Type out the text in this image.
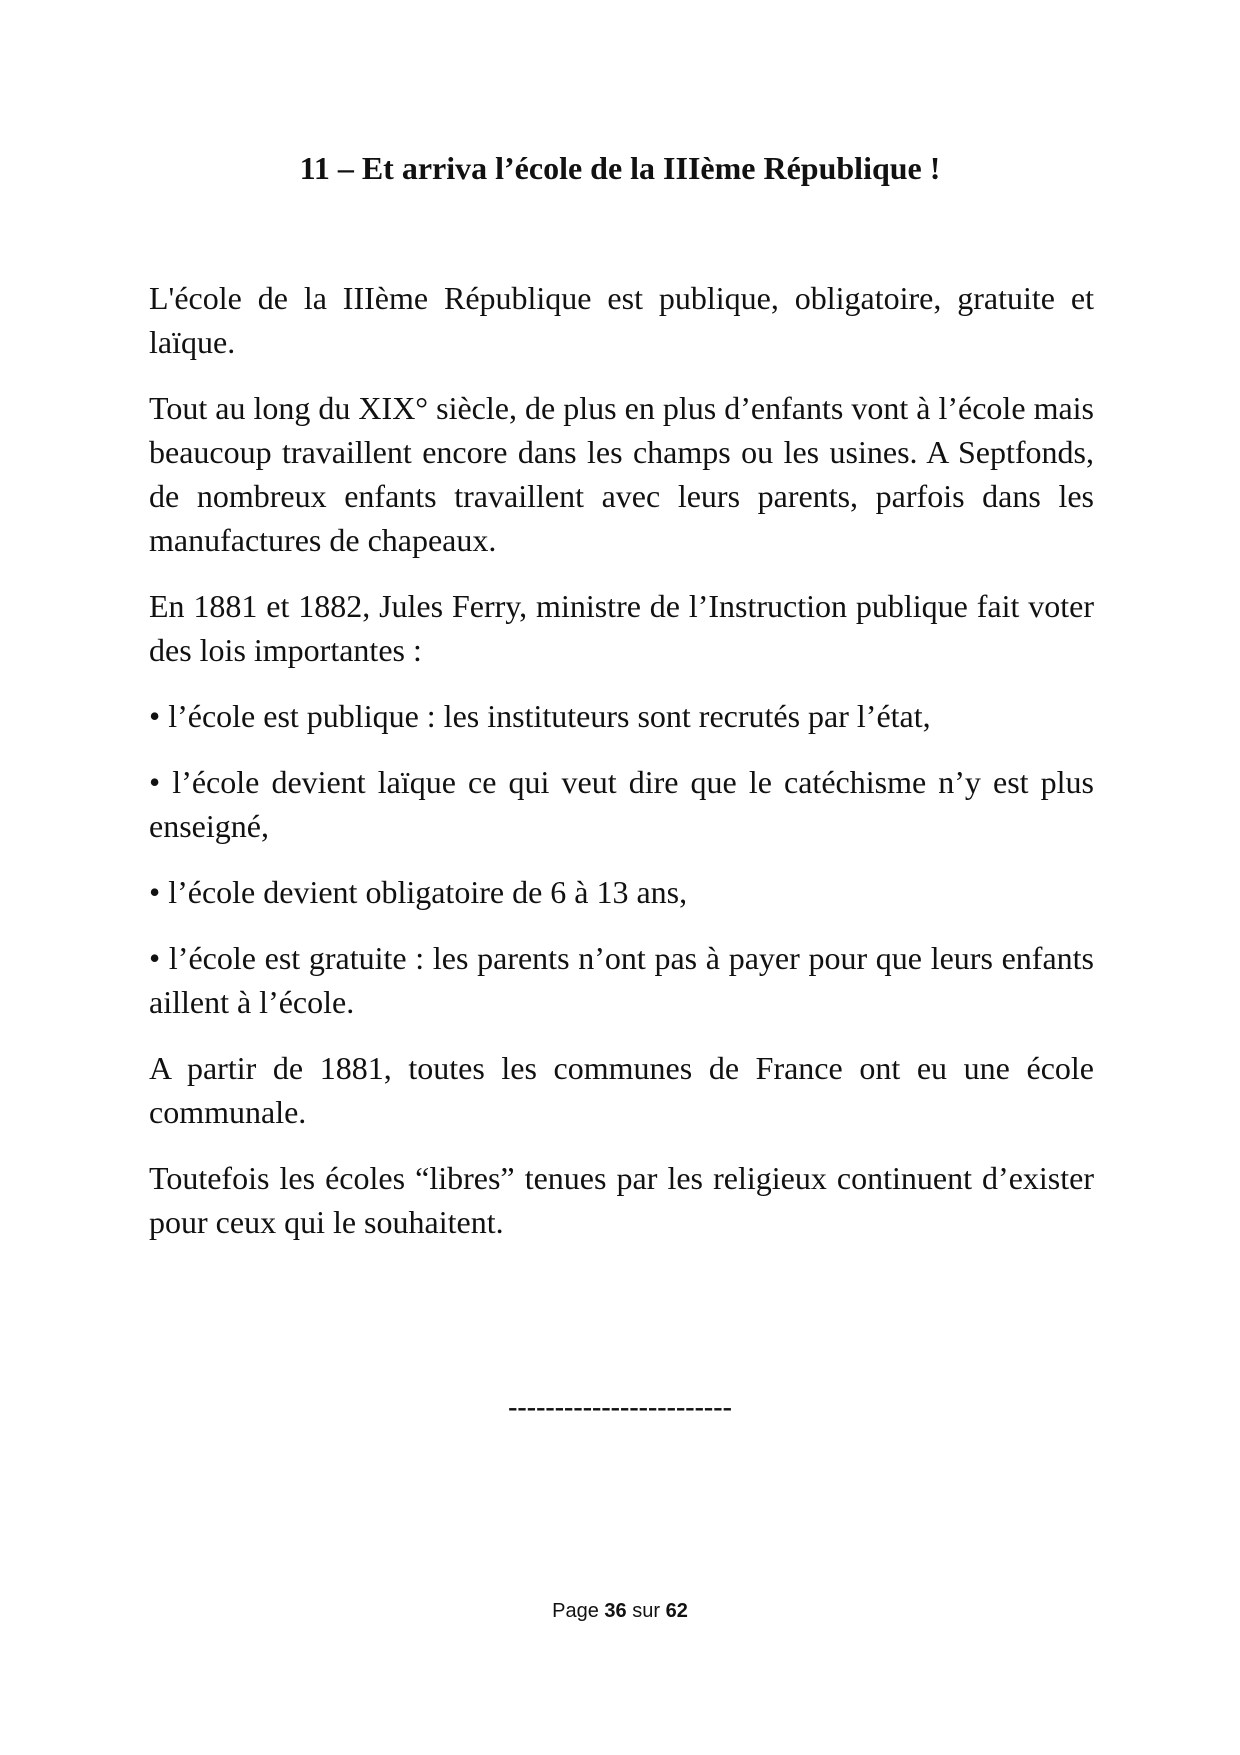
11 – Et arriva l’école de la IIIème République !

L'école de la IIIème République est publique, obligatoire, gratuite et laïque.

Tout au long du XIX° siècle, de plus en plus d’enfants vont à l’école mais beaucoup travaillent encore dans les champs ou les usines. A Septfonds, de nombreux enfants travaillent avec leurs parents, parfois dans les manufactures de chapeaux.

En 1881 et 1882, Jules Ferry, ministre de l’Instruction publique fait voter des lois importantes :

• l’école est publique : les instituteurs sont recrutés par l’état,

• l’école devient laïque ce qui veut dire que le catéchisme n’y est plus enseigné,

• l’école devient obligatoire de 6 à 13 ans,

• l’école est gratuite : les parents n’ont pas à payer pour que leurs enfants aillent à l’école.

A partir de 1881, toutes les communes de France ont eu une école communale.

Toutefois les écoles “libres” tenues par les religieux continuent d’exister pour ceux qui le souhaitent.

------------------------
Page 36 sur 62
